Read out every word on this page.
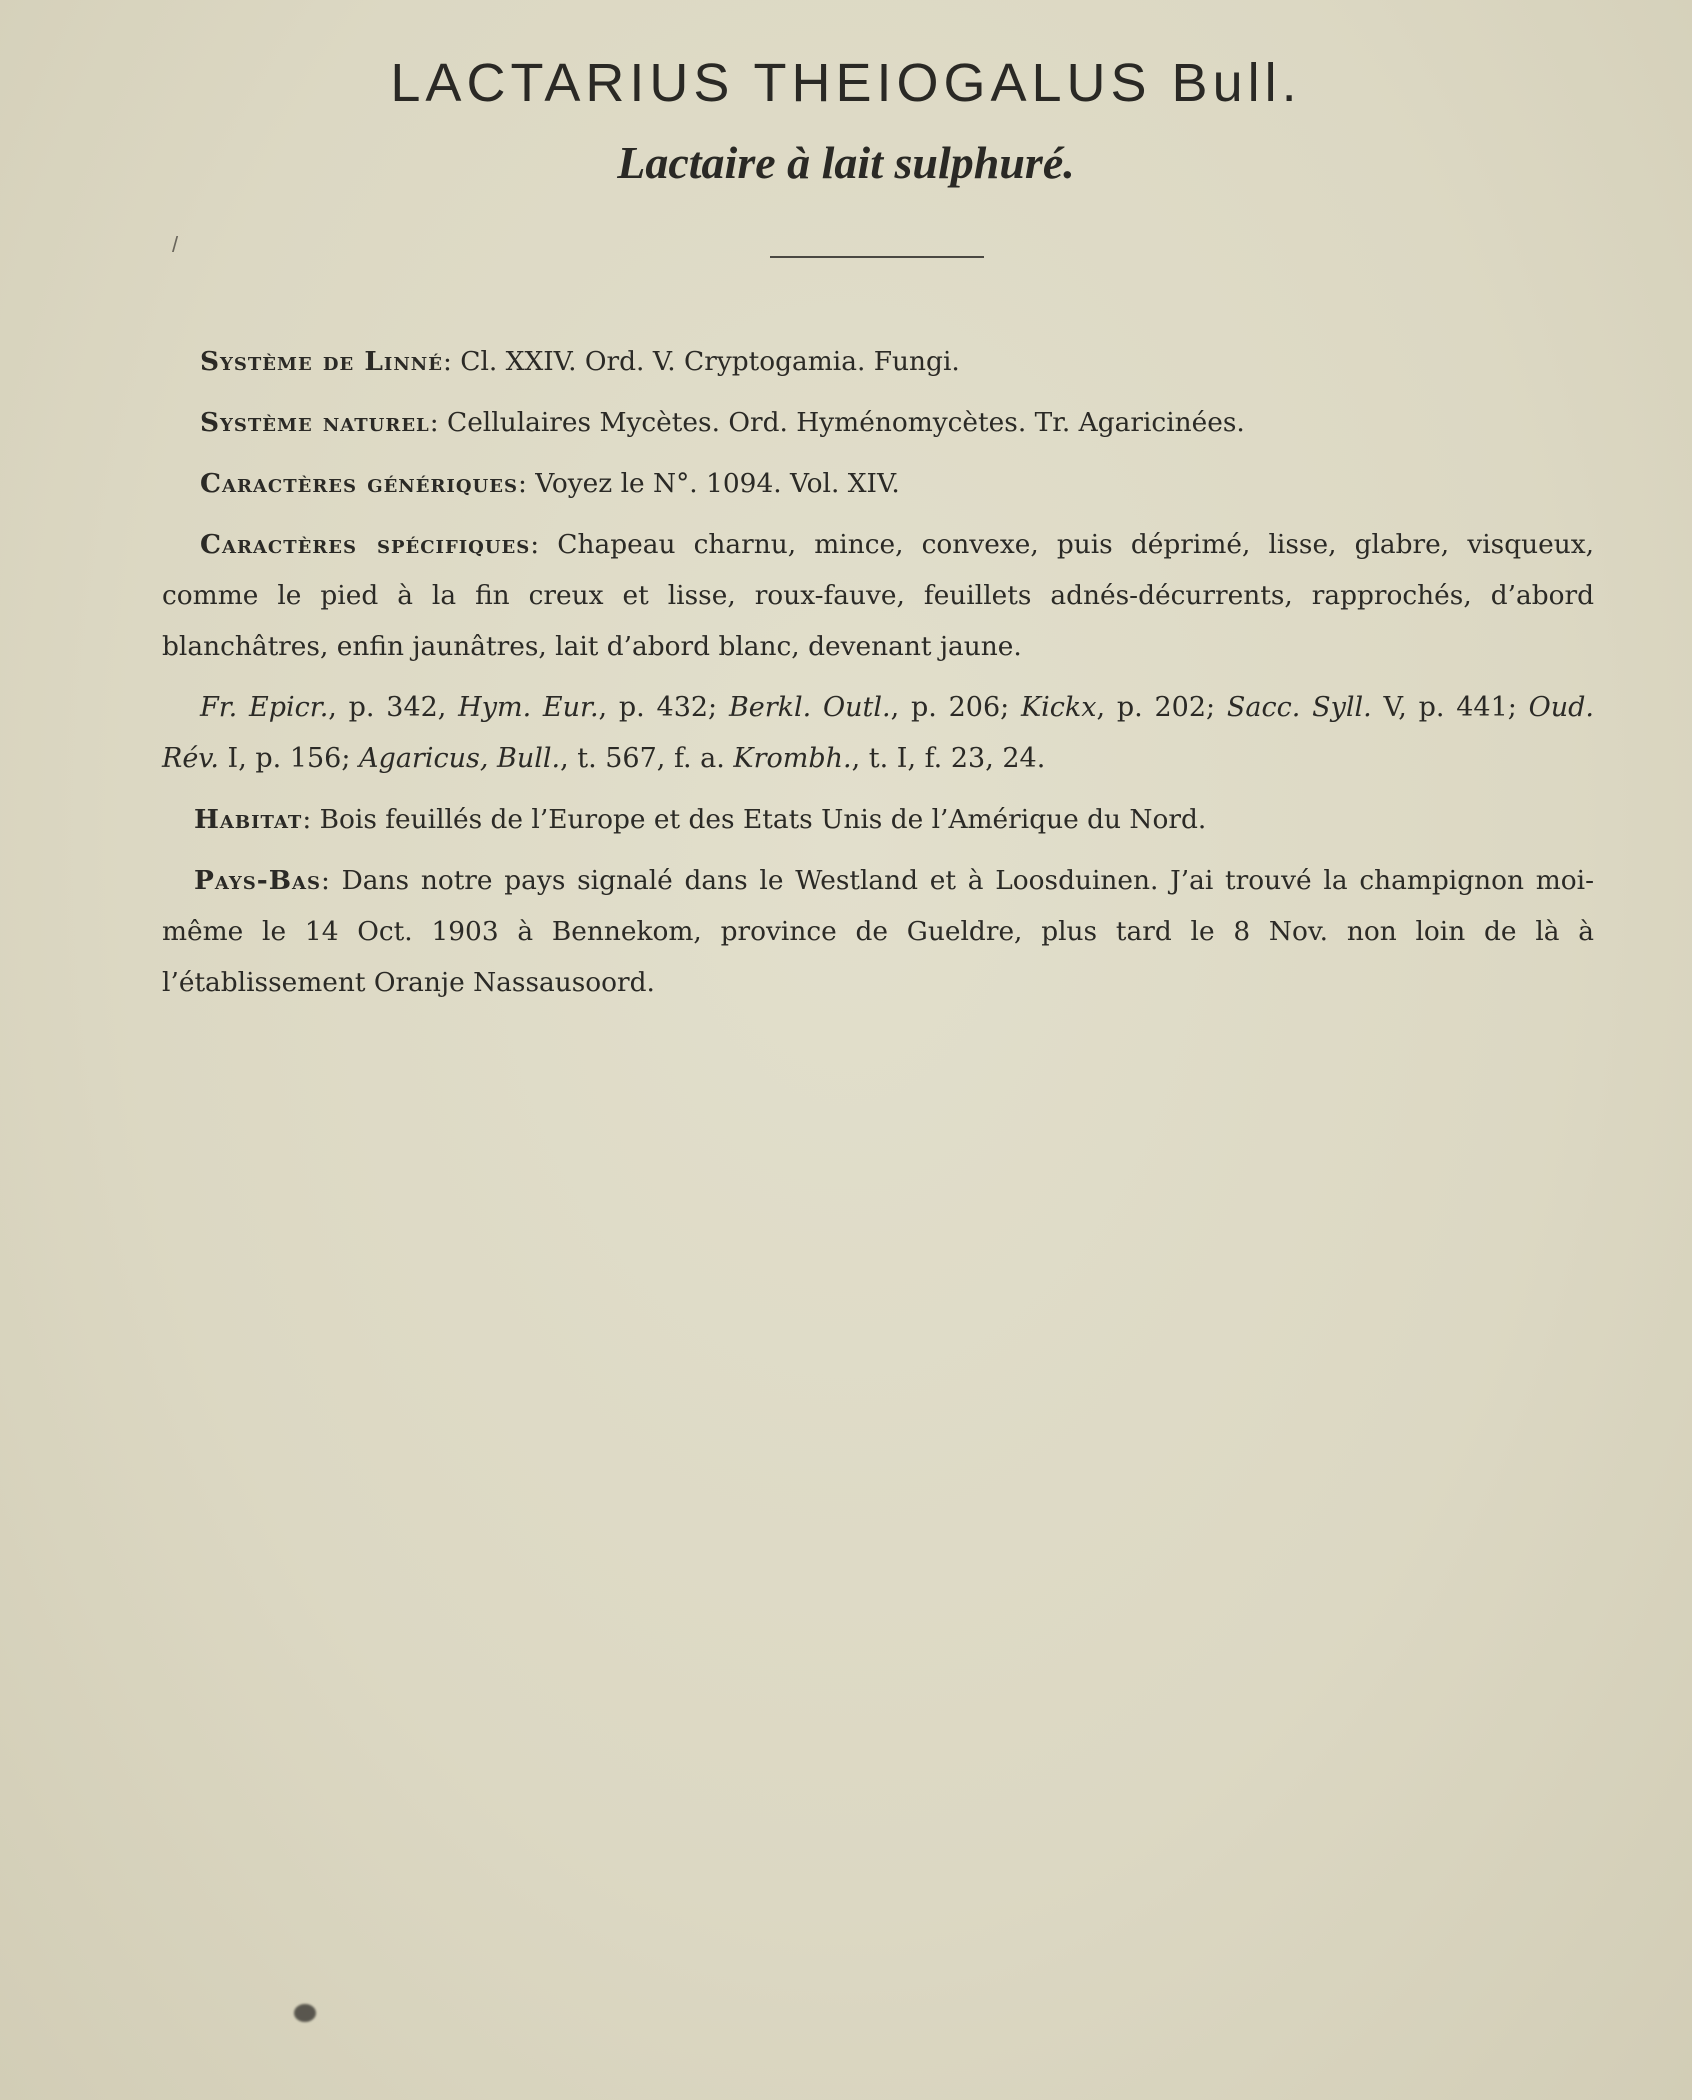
LACTARIUS THEIOGALUS Bull.
Lactaire à lait sulphuré.
/

Système de Linné: Cl. XXIV. Ord. V. Cryptogamia. Fungi.

Système naturel: Cellulaires Mycètes. Ord. Hyménomycètes. Tr. Agaricinées.

Caractères génériques: Voyez le N°. 1094. Vol. XIV.

Caractères spécifiques: Chapeau charnu, mince, convexe, puis déprimé, lisse, glabre, visqueux, comme le pied à la fin creux et lisse, roux-fauve, feuillets adnés-décurrents, rapprochés, d’abord blanchâtres, enfin jaunâtres, lait d’abord blanc, devenant jaune.

Fr. Epicr., p. 342, Hym. Eur., p. 432; Berkl. Outl., p. 206; Kickx, p. 202; Sacc. Syll. V, p. 441; Oud. Rév. I, p. 156; Agaricus, Bull., t. 567, f. a. Krombh., t. I, f. 23, 24.

Habitat: Bois feuillés de l’Europe et des Etats Unis de l’Amérique du Nord.

Pays-Bas: Dans notre pays signalé dans le Westland et à Loosduinen. J’ai trouvé la champignon moi-même le 14 Oct. 1903 à Bennekom, province de Gueldre, plus tard le 8 Nov. non loin de là à l’établissement Oranje Nassausoord.
